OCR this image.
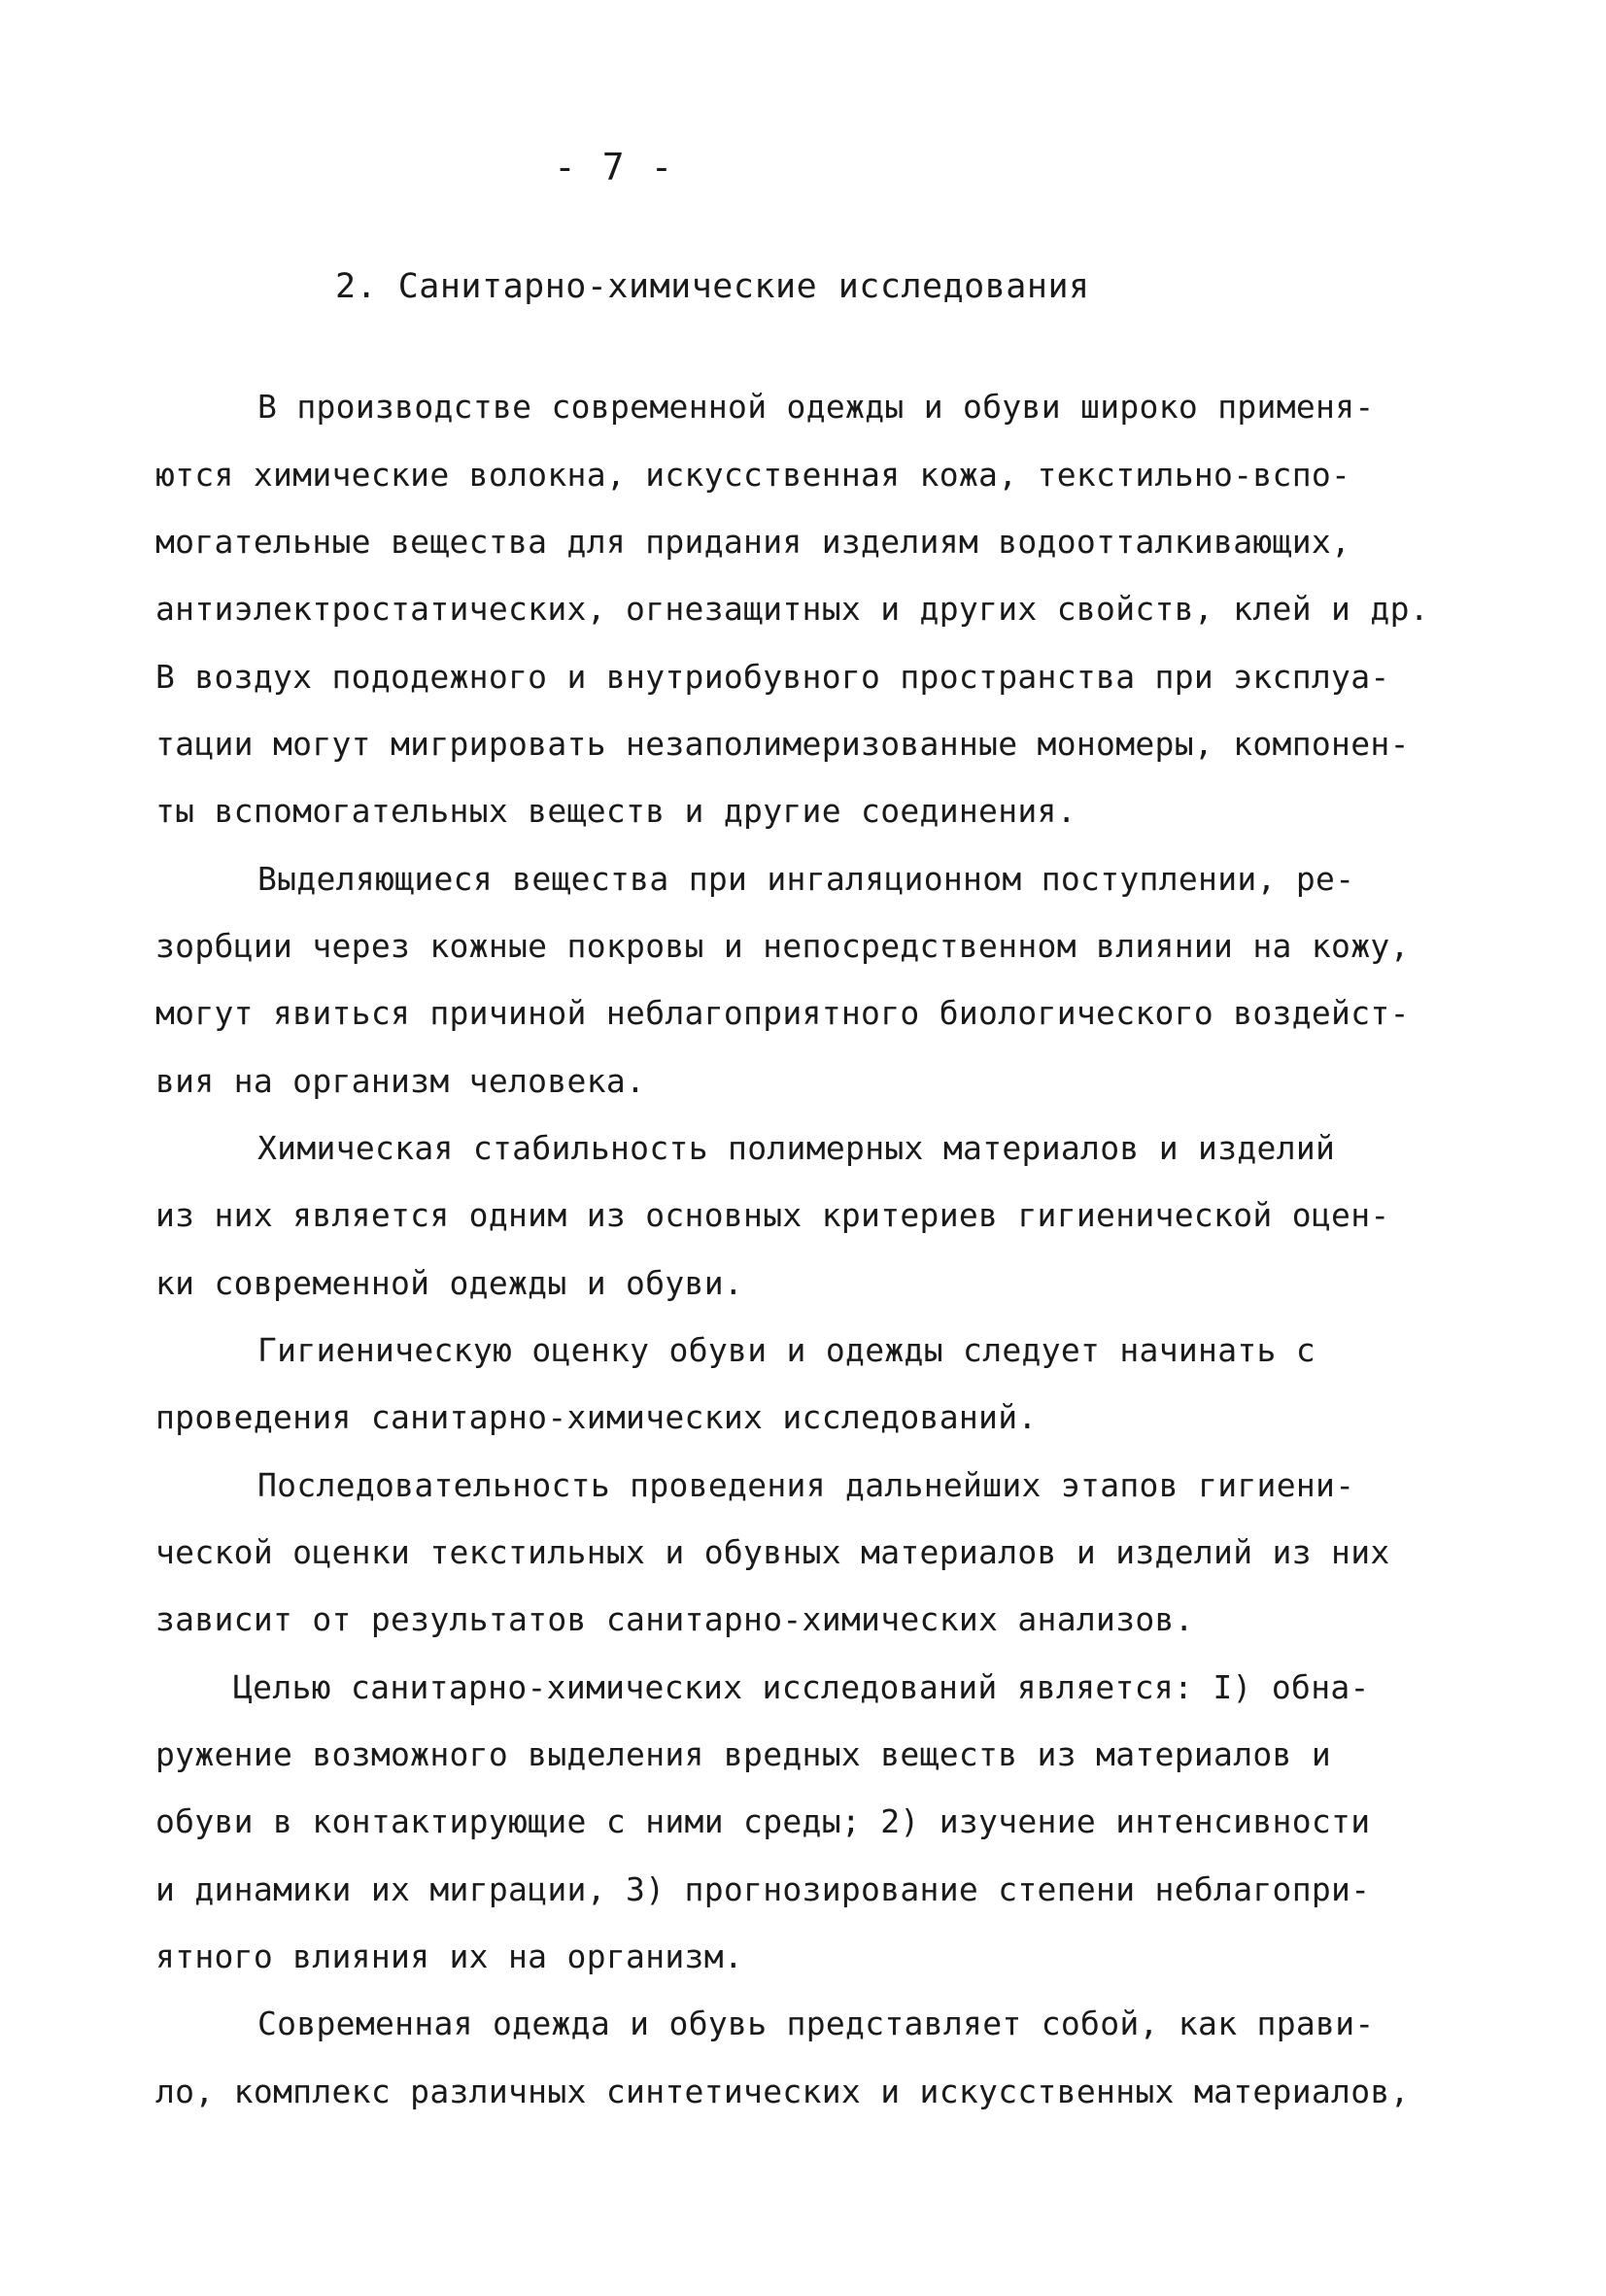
- 7 -
2. Санитарно-химические исследования
В производстве современной одежды и обуви широко применя-
ются химические волокна, искусственная кожа, текстильно-вспо-
могательные вещества для придания изделиям водоотталкивающих,
антиэлектростатических, огнезащитных и других свойств, клей и др.
В воздух пододежного и внутриобувного пространства при эксплуа-
тации могут мигрировать незаполимеризованные мономеры, компонен-
ты вспомогательных веществ и другие соединения.
Выделяющиеся вещества при ингаляционном поступлении, ре-
зорбции через кожные покровы и непосредственном влиянии на кожу,
могут явиться причиной неблагоприятного биологического воздейст-
вия на организм человека.
Химическая стабильность полимерных материалов и изделий
из них является одним из основных критериев гигиенической оцен-
ки современной одежды и обуви.
Гигиеническую оценку обуви и одежды следует начинать с
проведения санитарно-химических исследований.
Последовательность проведения дальнейших этапов гигиени-
ческой оценки текстильных и обувных материалов и изделий из них
зависит от результатов санитарно-химических анализов.
Целью санитарно-химических исследований является: I) обна-
ружение возможного выделения вредных веществ из материалов и
обуви в контактирующие с ними среды; 2) изучение интенсивности
и динамики их миграции, 3) прогнозирование степени неблагопри-
ятного влияния их на организм.
Современная одежда и обувь представляет собой, как прави-
ло, комплекс различных синтетических и искусственных материалов,
